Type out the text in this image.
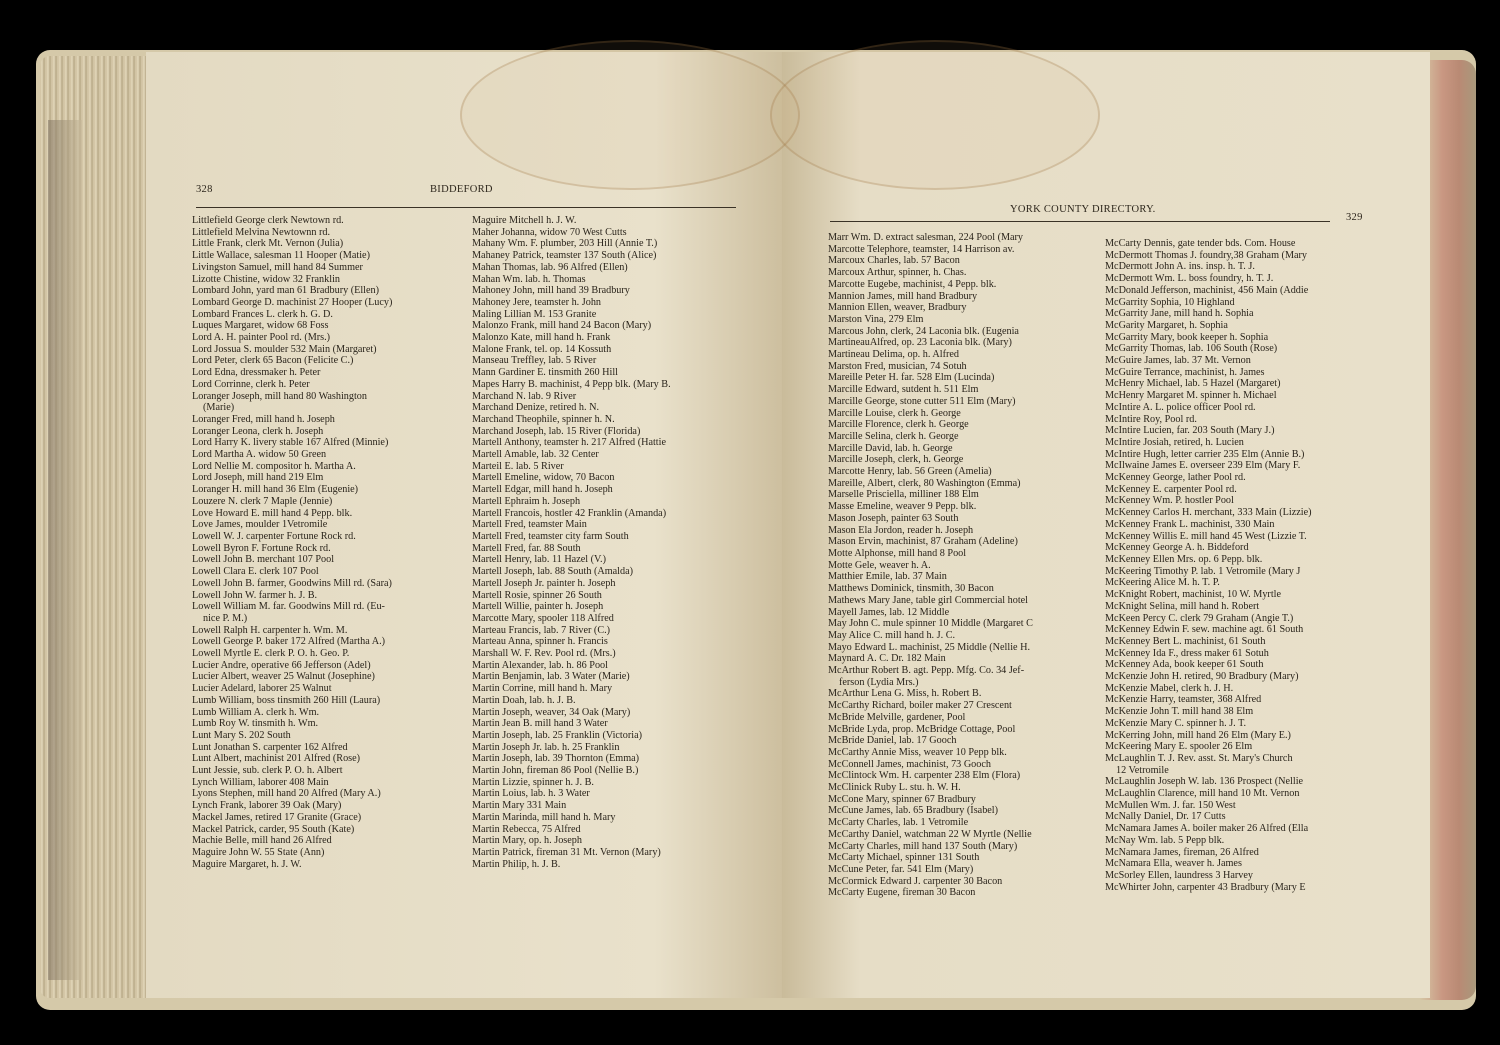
328	BIDDEFORD
YORK COUNTY DIRECTORY.
329
Littlefield George clerk Newtown rd.
Littlefield Melvina Newtownn rd.
Little Frank, clerk Mt. Vernon (Julia)
Little Wallace, salesman 11 Hooper (Matie)
Livingston Samuel, mill hand 84 Summer
Lizotte Chistine, widow 32 Franklin
Lombard John, yard man 61 Bradbury (Ellen)
Lombard George D. machinist 27 Hooper (Lucy)
Lombard Frances L. clerk h. G. D.
Luques Margaret, widow 68 Foss
Lord A. H. painter Pool rd. (Mrs.)
Lord Jossua S. moulder 532 Main (Margaret)
Lord Peter, clerk 65 Bacon (Felicite C.)
Lord Edna, dressmaker h. Peter
Lord Corrinne, clerk h. Peter
Loranger Joseph, mill hand 80 Washington
(Marie)
Loranger Fred, mill hand h. Joseph
Loranger Leona, clerk h. Joseph
Lord Harry K. livery stable 167 Alfred (Minnie)
Lord Martha A. widow 50 Green
Lord Nellie M. compositor h. Martha A.
Lord Joseph, mill hand 219 Elm
Loranger H. mill hand 36 Elm (Eugenie)
Louzere N. clerk 7 Maple (Jennie)
Love Howard E. mill hand 4 Pepp. blk.
Love James, moulder 1Vetromile
Lowell W. J. carpenter Fortune Rock rd.
Lowell Byron F. Fortune Rock rd.
Lowell John B. merchant 107 Pool
Lowell Clara E. clerk 107 Pool
Lowell John B. farmer, Goodwins Mill rd. (Sara)
Lowell John W. farmer h. J. B.
Lowell William M. far. Goodwins Mill rd. (Eu-
nice P. M.)
Lowell Ralph H. carpenter h. Wm. M.
Lowell George P. baker 172 Alfred (Martha A.)
Lowell Myrtle E. clerk P. O. h. Geo. P.
Lucier Andre, operative 66 Jefferson (Adel)
Lucier Albert, weaver 25 Walnut (Josephine)
Lucier Adelard, laborer 25 Walnut
Lumb William, boss tinsmith 260 Hill (Laura)
Lumb William A. clerk h. Wm.
Lumb Roy W. tinsmith h. Wm.
Lunt Mary S. 202 South
Lunt Jonathan S. carpenter 162 Alfred
Lunt Albert, machinist 201 Alfred (Rose)
Lunt Jessie, sub. clerk P. O. h. Albert
Lynch William, laborer 408 Main
Lyons Stephen, mill hand 20 Alfred (Mary A.)
Lynch Frank, laborer 39 Oak (Mary)
Mackel James, retired 17 Granite (Grace)
Mackel Patrick, carder, 95 South (Kate)
Machie Belle, mill hand 26 Alfred
Maguire John W. 55 State (Ann)
Maguire Margaret, h. J. W.
Maguire Mitchell h. J. W.
Maher Johanna, widow 70 West Cutts
Mahany Wm. F. plumber, 203 Hill (Annie T.)
Mahaney Patrick, teamster 137 South (Alice)
Mahan Thomas, lab. 96 Alfred (Ellen)
Mahan Wm. lab. h. Thomas
Mahoney John, mill hand 39 Bradbury
Mahoney Jere, teamster h. John
Maling Lillian M. 153 Granite
Malonzo Frank, mill hand 24 Bacon (Mary)
Malonzo Kate, mill hand h. Frank
Malone Frank, tel. op. 14 Kossuth
Manseau Treffley, lab. 5 River
Mann Gardiner E. tinsmith 260 Hill
Mapes Harry B. machinist, 4 Pepp blk. (Mary B.
Marchand N. lab. 9 River
Marchand Denize, retired h. N.
Marchand Theophile, spinner h. N.
Marchand Joseph, lab. 15 River (Florida)
Martell Anthony, teamster h. 217 Alfred (Hattie
Martell Amable, lab. 32 Center
Marteil E. lab. 5 River
Martell Emeline, widow, 70 Bacon
Martell Edgar, mill hand h. Joseph
Martell Ephraim h. Joseph
Martell Francois, hostler 42 Franklin (Amanda)
Martell Fred, teamster Main
Martell Fred, teamster city farm South
Martell Fred, far. 88 South
Martell Henry, lab. 11 Hazel (V.)
Martell Joseph, lab. 88 South (Amalda)
Martell Joseph Jr. painter h. Joseph
Martell Rosie, spinner 26 South
Martell Willie, painter h. Joseph
Marcotte Mary, spooler 118 Alfred
Marteau Francis, lab. 7 River (C.)
Marteau Anna, spinner h. Francis
Marshall W. F. Rev. Pool rd. (Mrs.)
Martin Alexander, lab. h. 86 Pool
Martin Benjamin, lab. 3 Water (Marie)
Martin Corrine, mill hand h. Mary
Martin Doah, lab. h. J. B.
Martin Joseph, weaver, 34 Oak (Mary)
Martin Jean B. mill hand 3 Water
Martin Joseph, lab. 25 Franklin (Victoria)
Martin Joseph Jr. lab. h. 25 Franklin
Martin Joseph, lab. 39 Thornton (Emma)
Martin John, fireman 86 Pool (Nellie B.)
Martin Lizzie, spinner h. J. B.
Martin Loius, lab. h. 3 Water
Martin Mary 331 Main
Martin Marinda, mill hand h. Mary
Martin Rebecca, 75 Alfred
Martin Mary, op. h. Joseph
Martin Patrick, fireman 31 Mt. Vernon (Mary)
Martin Philip, h. J. B.
Marr Wm. D. extract salesman, 224 Pool (Mary
Marcotte Telephore, teamster, 14 Harrison av.
Marcoux Charles, lab. 57 Bacon
Marcoux Arthur, spinner, h. Chas.
Marcotte Eugebe, machinist, 4 Pepp. blk.
Mannion James, mill hand Bradbury
Mannion Ellen, weaver, Bradbury
Marston Vina, 279 Elm
Marcous John, clerk, 24 Laconia blk. (Eugenia
MartineauAlfred, op. 23 Laconia blk. (Mary)
Martineau Delima, op. h. Alfred
Marston Fred, musician, 74 Sotuh
Mareille Peter H. far. 528 Elm (Lucinda)
Marcille Edward, sutdent h. 511 Elm
Marcille George, stone cutter 511 Elm (Mary)
Marcille Louise, clerk h. George
Marcille Florence, clerk h. George
Marcille Selina, clerk h. George
Marcille David, lab. h. George
Marcille Joseph, clerk, h. George
Marcotte Henry, lab. 56 Green (Amelia)
Mareille, Albert, clerk, 80 Washington (Emma)
Marselle Prisciella, milliner 188 Elm
Masse Emeline, weaver 9 Pepp. blk.
Mason Joseph, painter 63 South
Mason Ela Jordon, reader h. Joseph
Mason Ervin, machinist, 87 Graham (Adeline)
Motte Alphonse, mill hand 8 Pool
Motte Gele, weaver h. A.
Matthier Emile, lab. 37 Main
Matthews Dominick, tinsmith, 30 Bacon
Mathews Mary Jane, table girl Commercial hotel
Mayell James, lab. 12 Middle
May John C. mule spinner 10 Middle (Margaret C
May Alice C. mill hand h. J. C.
Mayo Edward L. machinist, 25 Middle (Nellie H.
Maynard A. C. Dr. 182 Main
McArthur Robert B. agt. Pepp. Mfg. Co. 34 Jef-
ferson (Lydia Mrs.)
McArthur Lena G. Miss, h. Robert B.
McCarthy Richard, boiler maker 27 Crescent
McBride Melville, gardener, Pool
McBride Lyda, prop. McBridge Cottage, Pool
McBride Daniel, lab. 17 Gooch
McCarthy Annie Miss, weaver 10 Pepp blk.
McConnell James, machinist, 73 Gooch
McClintock Wm. H. carpenter 238 Elm (Flora)
McClinick Ruby L. stu. h. W. H.
McCone Mary, spinner 67 Bradbury
McCune James, lab. 65 Bradbury (Isabel)
McCarty Charles, lab. 1 Vetromile
McCarthy Daniel, watchman 22 W Myrtle (Nellie
McCarty Charles, mill hand 137 South (Mary)
McCarty Michael, spinner 131 South
McCune Peter, far. 541 Elm (Mary)
McCormick Edward J. carpenter 30 Bacon
McCarty Eugene, fireman 30 Bacon
McCarty Dennis, gate tender bds. Com. House
McDermott Thomas J. foundry,38 Graham (Mary
McDermott John A. ins. insp. h. T. J.
McDermott Wm. L. boss foundry, h. T. J.
McDonald Jefferson, machinist, 456 Main (Addie
McGarrity Sophia, 10 Highland
McGarrity Jane, mill hand h. Sophia
McGarity Margaret, h. Sophia
McGarrity Mary, book keeper h. Sophia
McGarrity Thomas, lab. 106 South (Rose)
McGuire James, lab. 37 Mt. Vernon
McGuire Terrance, machinist, h. James
McHenry Michael, lab. 5 Hazel (Margaret)
McHenry Margaret M. spinner h. Michael
McIntire A. L. police officer Pool rd.
McIntire Roy, Pool rd.
McIntire Lucien, far. 203 South (Mary J.)
McIntire Josiah, retired, h. Lucien
McIntire Hugh, letter carrier 235 Elm (Annie B.)
McIlwaine James E. overseer 239 Elm (Mary F.
McKenney George, lather Pool rd.
McKenney E. carpenter Pool rd.
McKenney Wm. P. hostler Pool
McKenney Carlos H. merchant, 333 Main (Lizzie)
McKenney Frank L. machinist, 330 Main
McKenney Willis E. mill hand 45 West (Lizzie T.
McKenney George A. h. Biddeford
McKenney Ellen Mrs. op. 6 Pepp. blk.
McKeering Timothy P. lab. 1 Vetromile (Mary J
McKeering Alice M. h. T. P.
McKnight Robert, machinist, 10 W. Myrtle
McKnight Selina, mill hand h. Robert
McKeen Percy C. clerk 79 Graham (Angie T.)
McKenney Edwin F. sew. machine agt. 61 South
McKenney Bert L. machinist, 61 South
McKenney Ida F., dress maker 61 Sotuh
McKenney Ada, book keeper 61 South
McKenzie John H. retired, 90 Bradbury (Mary)
McKenzie Mabel, clerk h. J. H.
McKenzie Harry, teamster, 368 Alfred
McKenzie John T. mill hand 38 Elm
McKenzie Mary C. spinner h. J. T.
McKerring John, mill hand 26 Elm (Mary E.)
McKeering Mary E. spooler 26 Elm
McLaughlin T. J. Rev. asst. St. Mary's Church
12 Vetromile
McLaughlin Joseph W. lab. 136 Prospect (Nellie
McLaughlin Clarence, mill hand 10 Mt. Vernon
McMullen Wm. J. far. 150 West
McNally Daniel, Dr. 17 Cutts
McNamara James A. boiler maker 26 Alfred (Ella
McNay Wm. lab. 5 Pepp blk.
McNamara James, fireman, 26 Alfred
McNamara Ella, weaver h. James
McSorley Ellen, laundress 3 Harvey
McWhirter John, carpenter 43 Bradbury (Mary E
